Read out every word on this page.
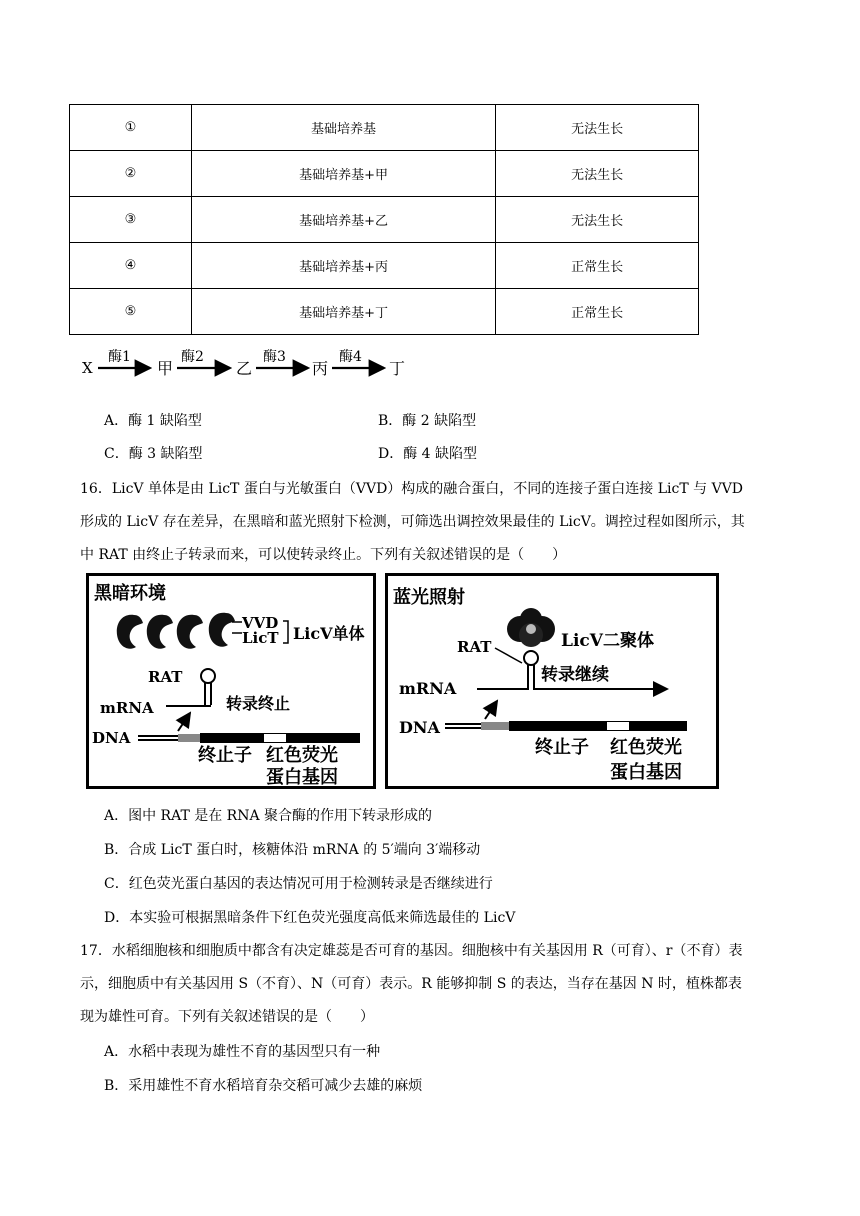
①	基础培养基	无法生长
②	基础培养基+甲	无法生长
③	基础培养基+乙	无法生长
④	基础培养基+丙	正常生长
⑤	基础培养基+丁	正常生长
X
酶1
甲
酶2
乙
酶3
丙
酶4
丁
A．酶 1 缺陷型	B．酶 2 缺陷型
C．酶 3 缺陷型	D．酶 4 缺陷型
16．LicV 单体是由 LicT 蛋白与光敏蛋白（VVD）构成的融合蛋白，不同的连接子蛋白连接 LicT 与 VVD
形成的 LicV 存在差异，在黑暗和蓝光照射下检测，可筛选出调控效果最佳的 LicV。调控过程如图所示，其
中 RAT 由终止子转录而来，可以使转录终止。下列有关叙述错误的是（　　）
黑暗环境
VVD
LicT LicV单体
RAT
转录终止
mRNA
DNA
终止子 红色荧光
蛋白基因
蓝光照射
LicV二聚体
RAT
mRNA
转录继续
DNA
终止子 红色荧光
蛋白基因
A．图中 RAT 是在 RNA 聚合酶的作用下转录形成的
B．合成 LicT 蛋白时，核糖体沿 mRNA 的 5′端向 3′端移动
C．红色荧光蛋白基因的表达情况可用于检测转录是否继续进行
D．本实验可根据黑暗条件下红色荧光强度高低来筛选最佳的 LicV
17．水稻细胞核和细胞质中都含有决定雄蕊是否可育的基因。细胞核中有关基因用 R（可育）、r（不育）表
示，细胞质中有关基因用 S（不育）、N（可育）表示。R 能够抑制 S 的表达，当存在基因 N 时，植株都表
现为雄性可育。下列有关叙述错误的是（　　）
A．水稻中表现为雄性不育的基因型只有一种
B．采用雄性不育水稻培育杂交稻可减少去雄的麻烦
